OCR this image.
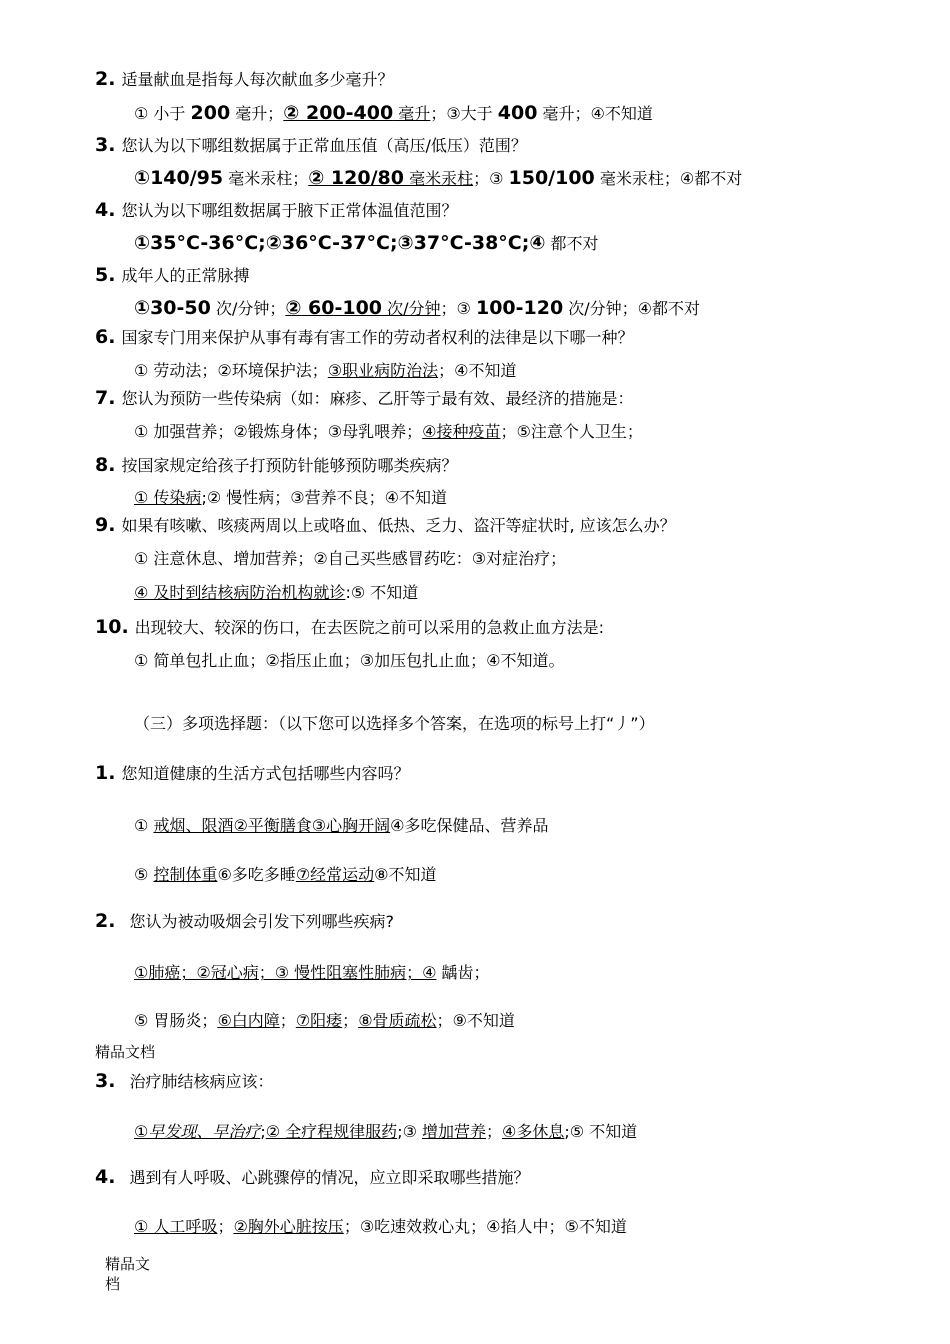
2. 适量献血是指每人每次献血多少毫升？
① 小于 200 毫升；② 200-400 毫升；③大于 400 毫升；④不知道
3. 您认为以下哪组数据属于正常血压值（高压/低压）范围？
①140/95 毫米汞柱；② 120/80 毫米汞柱；③ 150/100 毫米汞柱；④都不对
4. 您认为以下哪组数据属于腋下正常体温值范围？
①35°C-36°C;②36°C-37°C;③37°C-38°C;④ 都不对
5. 成年人的正常脉搏
①30-50 次/分钟；② 60-100 次/分钟；③ 100-120 次/分钟；④都不对
6. 国家专门用来保护从事有毒有害工作的劳动者权利的法律是以下哪一种？
① 劳动法；②环境保护法；③职业病防治法；④不知道
7. 您认为预防一些传染病（如：麻疹、乙肝等亍最有效、最经济的措施是：
① 加强营养；②锻炼身体；③母乳喂养；④接种疫苗；⑤注意个人卫生；
8. 按国家规定给孩子打预防针能够预防哪类疾病？
① 传染病;② 慢性病；③营养不良；④不知道
9. 如果有咳嗽、咳痰两周以上或咯血、低热、乏力、盗汗等症状时, 应该怎么办？
① 注意休息、增加营养；②自己买些感冒药吃：③对症治疗；
④ 及时到结核病防治机构就诊:⑤ 不知道
10. 出现较大、较深的伤口，在去医院之前可以采用的急救止血方法是:
① 简单包扎止血；②指压止血；③加压包扎止血；④不知道。
（三）多项选择题：（以下您可以选择多个答案，在选项的标号上打“丿”）
1. 您知道健康的生活方式包括哪些内容吗？
① 戒烟、限酒②平衡膳食③心胸开阔④多吃保健品、营养品
⑤ 控制体重⑥多吃多睡⑦经常运动⑧不知道
2. 您认为被动吸烟会引发下列哪些疾病?
①肺癌；②冠心病；③ 慢性阻塞性肺病；④ 龋齿；
⑤ 胃肠炎；⑥白内障；⑦阳痿；⑧骨质疏松；⑨不知道
精品文档
3. 治疗肺结核病应该：
①早发现、早治疗;② 全疗程规律服药;③ 增加营养；④多休息;⑤ 不知道
4. 遇到有人呼吸、心跳骤停的情况，应立即采取哪些措施？
① 人工呼吸；②胸外心脏按压；③吃速效救心丸；④掐人中；⑤不知道
精品文
档
